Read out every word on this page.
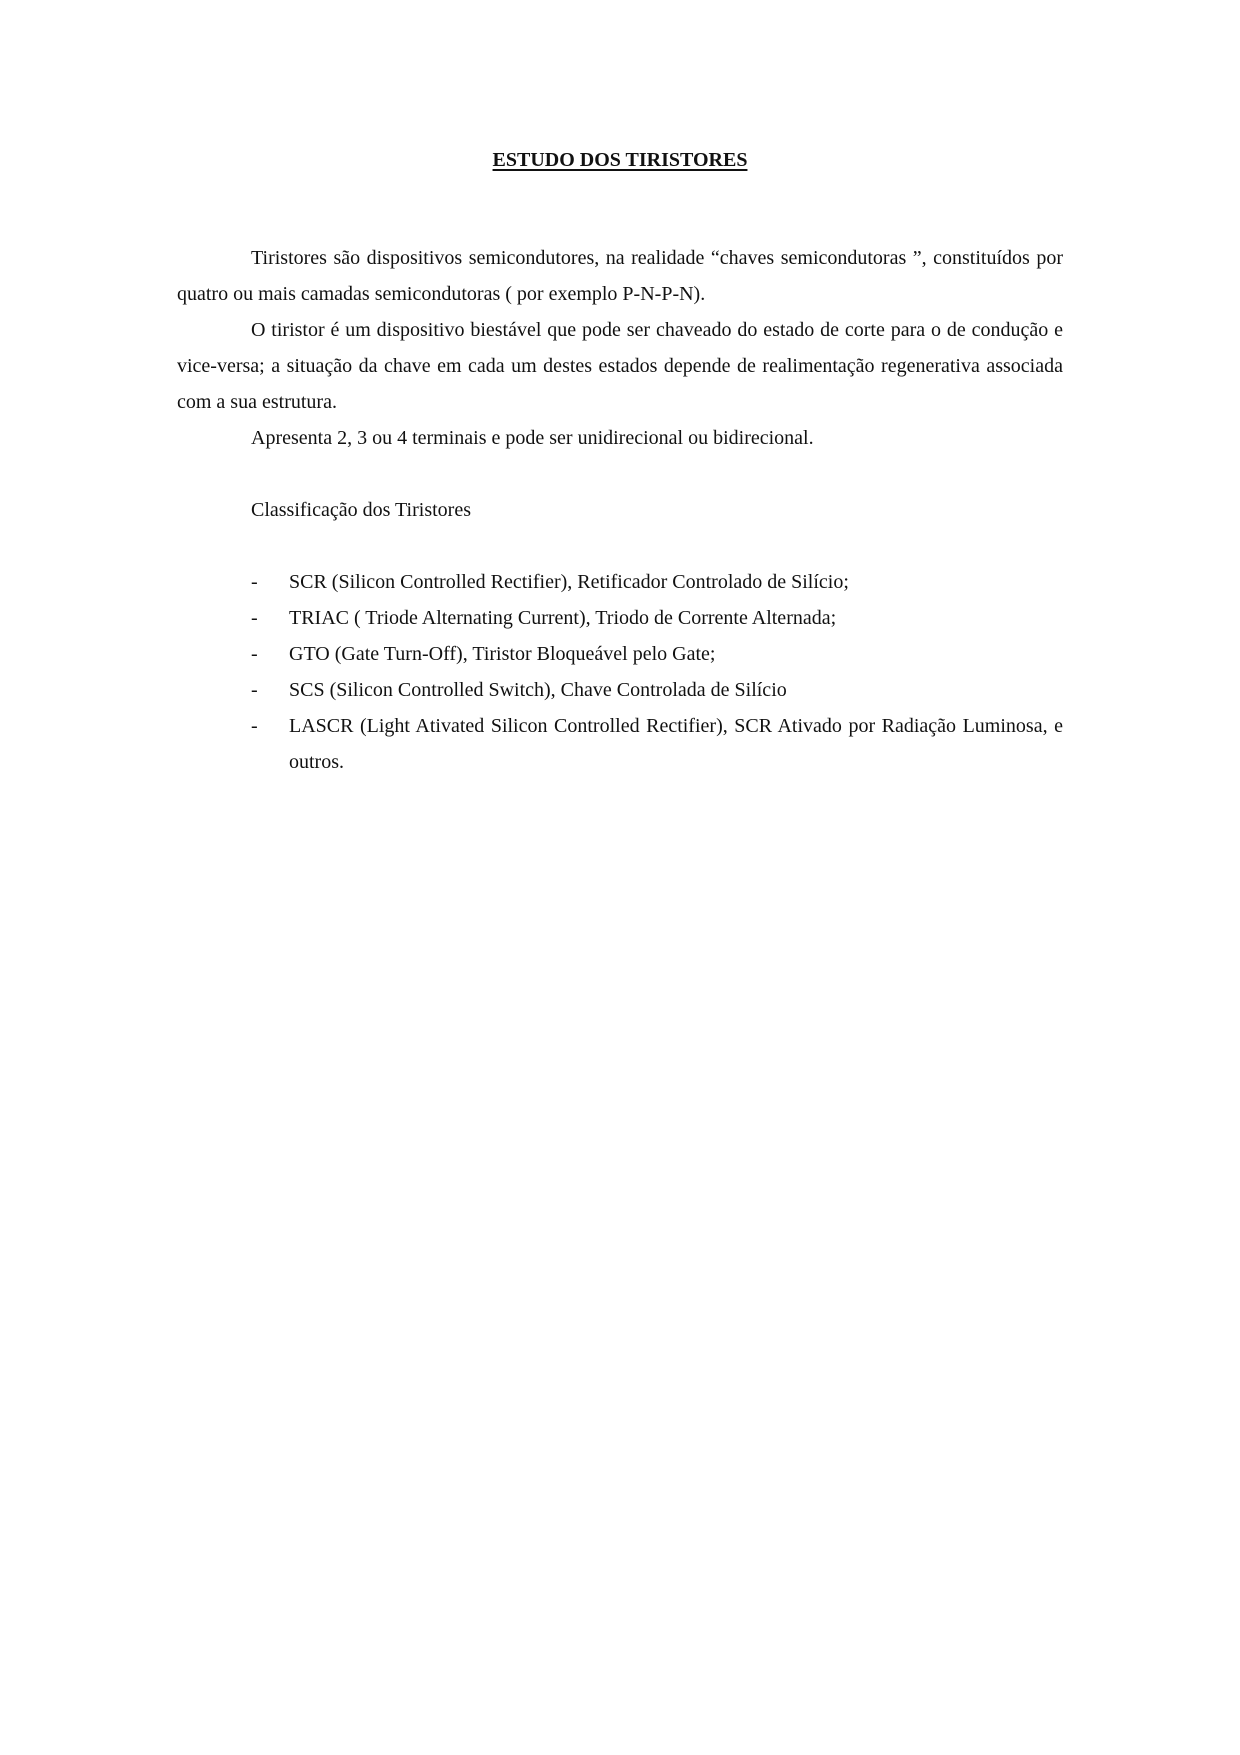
ESTUDO DOS TIRISTORES

Tiristores são dispositivos semicondutores, na realidade “chaves semicondutoras ”, constituídos por quatro ou mais camadas semicondutoras ( por exemplo P-N-P-N).

O tiristor é um dispositivo biestável que pode ser chaveado do estado de corte para o de condução e vice-versa; a situação da chave em cada um destes estados depende de realimentação regenerativa associada com a sua estrutura.

Apresenta 2, 3 ou 4 terminais e pode ser unidirecional ou bidirecional.

Classificação dos Tiristores

-	SCR (Silicon Controlled Rectifier), Retificador Controlado de Silício;
-	TRIAC ( Triode Alternating Current), Triodo de Corrente Alternada;
-	GTO (Gate Turn-Off), Tiristor Bloqueável pelo Gate;
-	SCS (Silicon Controlled Switch), Chave Controlada de Silício
-	LASCR (Light Ativated Silicon Controlled Rectifier), SCR Ativado por Radiação Luminosa, e outros.
